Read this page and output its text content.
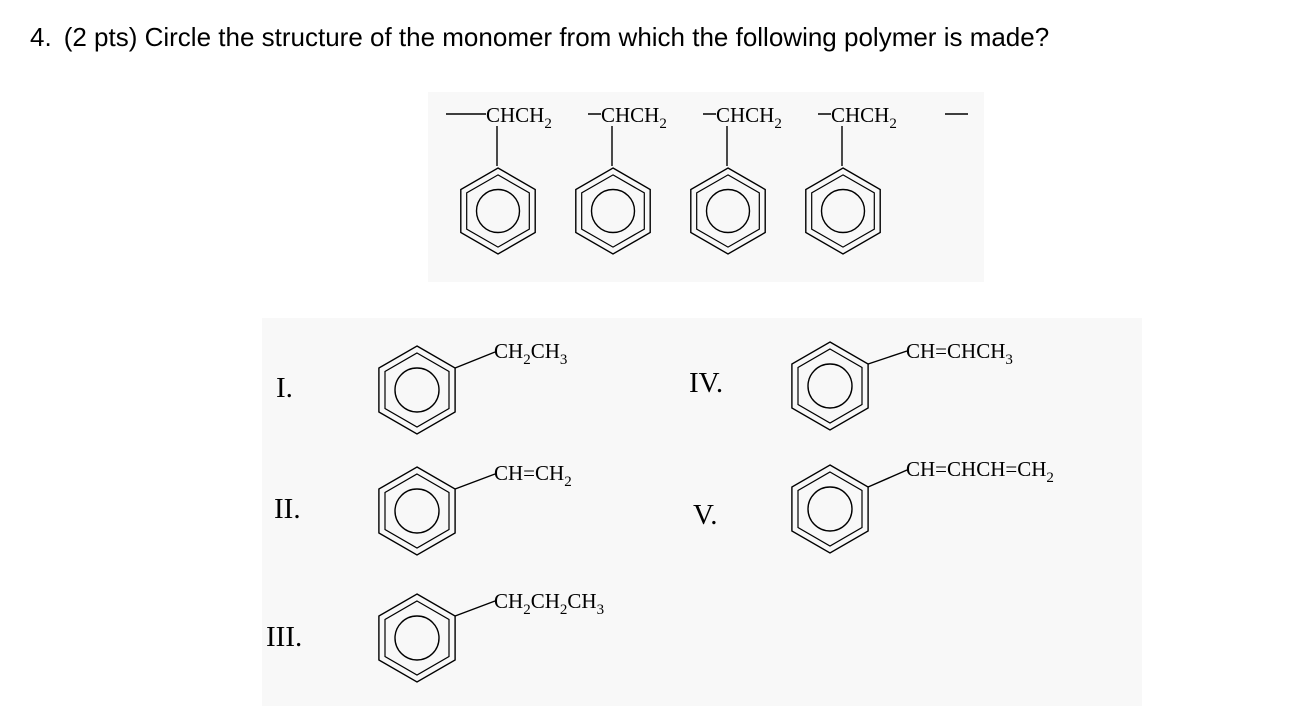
4. (2 pts) Circle the structure of the monomer from which the following polymer is made?
$CHCH_2$ $CHCH_2$ $CHCH_2$ $CHCH_2$
I.
II.
III.
IV.
V.
$CH_2CH_3$
$CH=CH_2$
$CH_2CH_2CH_3$
$CH=CHCH_3$
$CH=CHCH=CH_2$
